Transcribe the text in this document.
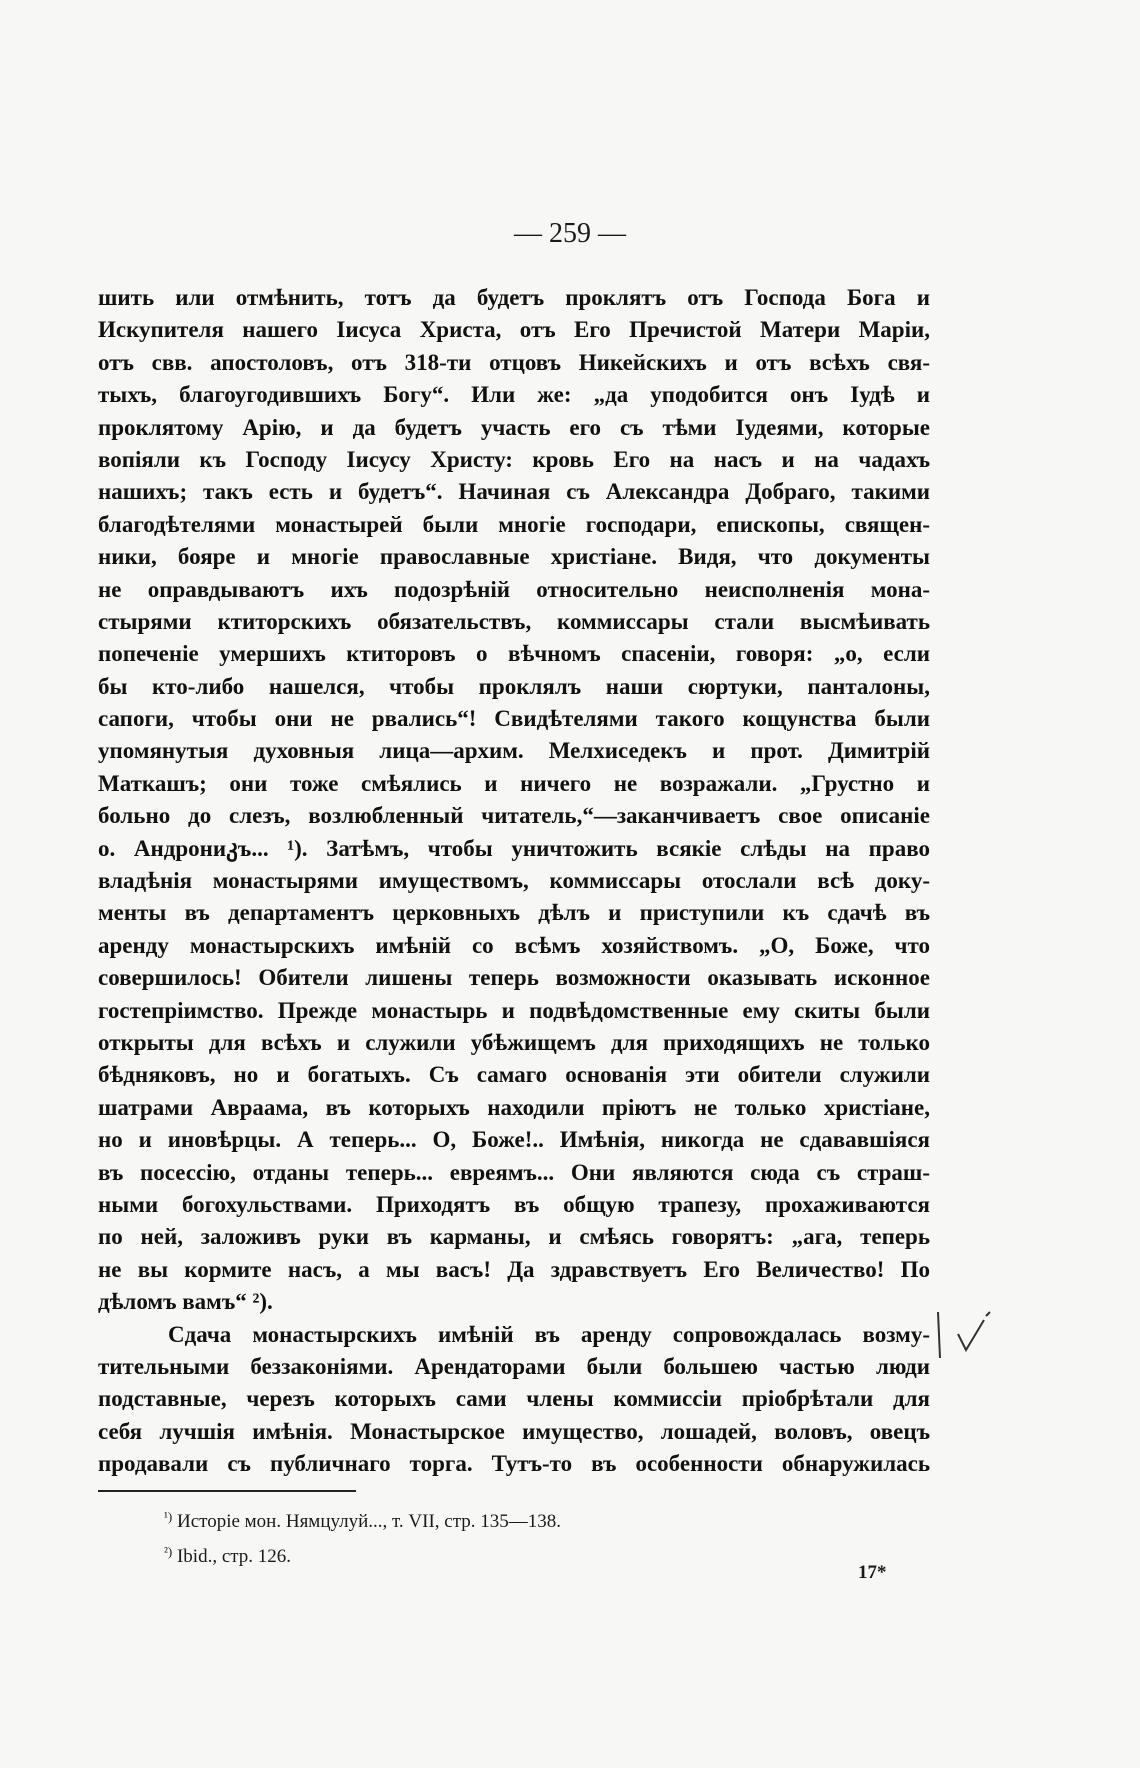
— 259 —
шить или отмѣнить, тотъ да будетъ проклятъ отъ Господа Бога и
Искупителя нашего Іисуса Христа, отъ Его Пречистой Матери Маріи,
отъ свв. апостоловъ, отъ 318-ти отцовъ Никейскихъ и отъ всѣхъ свя-
тыхъ, благоугодившихъ Богу“. Или же: „да уподобится онъ Іудѣ и
проклятому Арію, и да будетъ участь его съ тѣми Іудеями, которые
вопіяли къ Господу Іисусу Христу: кровь Его на насъ и на чадахъ
нашихъ; такъ есть и будетъ“. Начиная съ Александра Добраго, такими
благодѣтелями монастырей были многіе господари, епископы, священ-
ники, бояре и многіе православные христіане. Видя, что документы
не оправдываютъ ихъ подозрѣній относительно неисполненія мона-
стырями ктиторскихъ обязательствъ, коммиссары стали высмѣивать
попеченіе умершихъ ктиторовъ о вѣчномъ спасеніи, говоря: „о, если
бы кто-либо нашелся, чтобы проклялъ наши сюртуки, панталоны,
сапоги, чтобы они не рвались“! Свидѣтелями такого кощунства были
упомянутыя духовныя лица—архим. Мелхиседекъ и прот. Димитрій
Маткашъ; они тоже смѣялись и ничего не возражали. „Грустно и
больно до слезъ, возлюбленный читатель,“—заканчиваетъ свое описаніе
о. Андрониკъ... ¹). Затѣмъ, чтобы уничтожить всякіе слѣды на право
владѣнія монастырями имуществомъ, коммиссары отослали всѣ доку-
менты въ департаментъ церковныхъ дѣлъ и приступили къ сдачѣ въ
аренду монастырскихъ имѣній со всѣмъ хозяйствомъ. „О, Боже, что
совершилось! Обители лишены теперь возможности оказывать исконное
гостепріимство. Прежде монастырь и подвѣдомственные ему скиты были
открыты для всѣхъ и служили убѣжищемъ для приходящихъ не только
бѣдняковъ, но и богатыхъ. Съ самаго основанія эти обители служили
шатрами Авраама, въ которыхъ находили пріютъ не только христіане,
но и иновѣрцы. А теперь... О, Боже!.. Имѣнія, никогда не сдававшіяся
въ посессію, отданы теперь... евреямъ... Они являются сюда съ страш-
ными богохульствами. Приходятъ въ общую трапезу, прохаживаются
по ней, заложивъ руки въ карманы, и смѣясь говорятъ: „ага, теперь
не вы кормите насъ, а мы васъ! Да здравствуетъ Его Величество! По
дѣломъ вамъ“ ²).
Сдача монастырскихъ имѣній въ аренду сопровождалась возму-
тительными беззаконіями. Арендаторами были большею частью люди
подставные, черезъ которыхъ сами члены коммиссіи пріобрѣтали для
себя лучшія имѣнія. Монастырское имущество, лошадей, воловъ, овецъ
продавали съ публичнаго торга. Тутъ-то въ особенности обнаружилась
$^{^1)}$ Исторіе мон. Нямцулуй..., т. VII, стр. 135—138.
$^{^2)}$ Ibid., стр. 126.
17*
